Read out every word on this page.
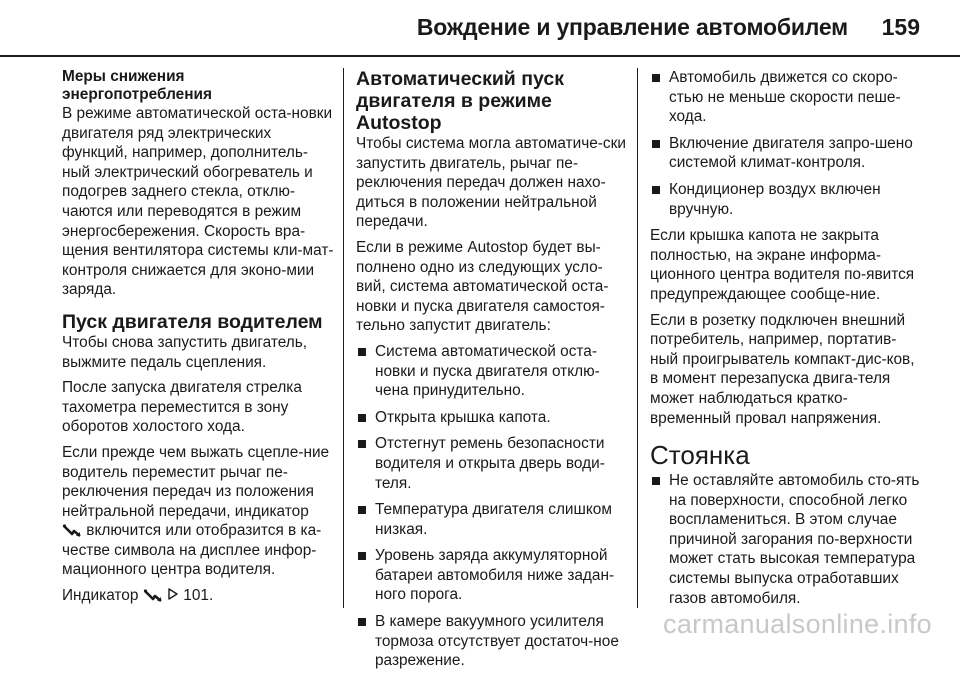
Вождение и управление автомобилем 159
Меры снижения энергопотребления

В режиме автоматической оста-новки двигателя ряд электрических функций, например, дополнитель-ный электрический обогреватель и подогрев заднего стекла, отклю-чаются или переводятся в режим энергосбережения. Скорость вра-щения вентилятора системы кли-мат-контроля снижается для эконо-мии заряда.

Пуск двигателя водителем

Чтобы снова запустить двигатель, выжмите педаль сцепления.

После запуска двигателя стрелка тахометра переместится в зону оборотов холостого хода.

Если прежде чем выжать сцепле-ние водитель переместит рычаг пе-реключения передач из положения нейтральной передачи, индикатор
включится или отобразится в ка-честве символа на дисплее инфор-мационного центра водителя.

Индикатор	101.

Автоматический пуск двигателя в режиме Autostop

Чтобы система могла автоматиче-ски запустить двигатель, рычаг пе-реключения передач должен нахо-диться в положении нейтральной передачи.

Если в режиме Autostop будет вы-полнено одно из следующих усло-вий, система автоматической оста-новки и пуска двигателя самостоя-тельно запустит двигатель:

Система автоматической оста-новки и пуска двигателя отклю-чена принудительно.
Открыта крышка капота.
Отстегнут ремень безопасности водителя и открыта дверь води-теля.
Температура двигателя слишком низкая.
Уровень заряда аккумуляторной батареи автомобиля ниже задан-ного порога.
В камере вакуумного усилителя тормоза отсутствует достаточ-ное разрежение.
Автомобиль движется со скоро-стью не меньше скорости пеше-хода.
Включение двигателя запро-шено системой климат-контроля.
Кондиционер воздух включен вручную.

Если крышка капота не закрыта полностью, на экране информа-ционного центра водителя по-явится предупреждающее сообще-ние.

Если в розетку подключен внешний потребитель, например, портатив-ный проигрыватель компакт-дис-ков, в момент перезапуска двига-теля может наблюдаться кратко-временный провал напряжения.

Стоянка
Не оставляйте автомобиль сто-ять на поверхности, способной легко воспламениться. В этом случае причиной загорания по-верхности может стать высокая температура системы выпуска отработавших газов автомобиля.
carmanualsonline.info
